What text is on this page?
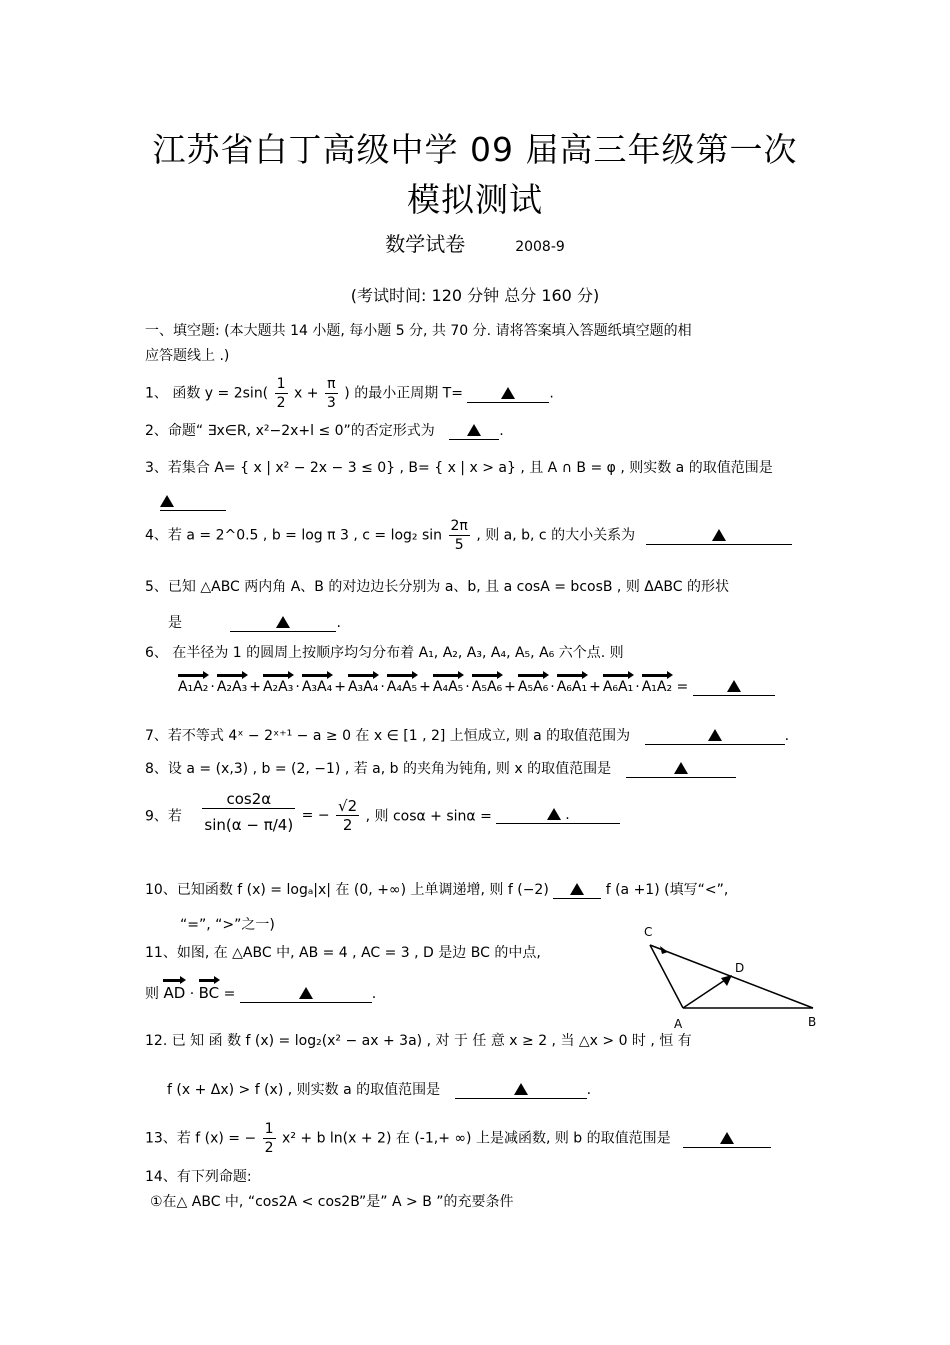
江苏省白丁高级中学 09 届高三年级第一次
模拟测试
数学试卷	2008-9
(考试时间: 120 分钟 总分 160 分)
一、填空题: (本大题共 14 小题, 每小题 5 分, 共 70 分. 请将答案填入答题纸填空题的相
应答题线上 .)
1、 函数 $y = 2\sin( \frac{1}{2}$ $x + \frac{\pi}{3}$ ) 的最小正周期 T=	.
2、命题“ ∃x∈R, x²−2x+l ≤ 0”的否定形式为	.
3、若集合 A= { x | x² − 2x − 3 ≤ 0} , B= { x | x > a} , 且 A ∩ B = φ , 则实数 a 的取值范围是
4、若 a = 2^0.5 , b = log π 3 , c = log₂ $\sin \frac{2\pi}{5}$ , 则 a, b, c 的大小关系为
5、已知 △ABC 两内角 A、B 的对边边长分别为 a、b, 且 a cosA = bcosB , 则 ΔABC 的形状
是	.
6、 在半径为 1 的圆周上按顺序均匀分布着 A₁, A₂, A₃, A₄, A₅, A₆ 六个点. 则
A₁A₂ · A₂A₃ + A₂A₃ · A₃A₄ + A₃A₄ · A₄A₅ + A₄A₅ · A₅A₆ + A₅A₆ · A₆A₁ + A₆A₁ · A₁A₂ =
7、若不等式 4ˣ − 2ˣ⁺¹ − a ≥ 0 在 x ∈ [1 , 2] 上恒成立, 则 a 的取值范围为	.
8、设 a = (x,3) , b = (2, −1) , 若 a, b 的夹角为钝角, 则 x 的取值范围是
9、若 $\frac{\cos 2\alpha}{\sin(\alpha - \pi/4)}$ = − $\frac{√2}{2}$ , 则 cosα + sinα =	.
10、已知函数 f (x) = logₐ|x| 在 (0, +∞) 上单调递增, 则 f (−2)	f (a +1) (填写“<”,
“=”, “>”之一)
11、如图, 在 △ABC 中, AB = 4 , AC = 3 , D 是边 BC 的中点,
则 AD · BC =	.
C
D
A	B
12. 已 知 函 数 f (x) = log₂(x² − ax + 3a) , 对 于 任 意 x ≥ 2 , 当 △x > 0 时 , 恒 有
f (x + Δx) > f (x) , 则实数 a 的取值范围是	.
13、若 f (x) = − $\frac{1}{2} x^2 + b$ ln(x + 2) 在 (-1,+ ∞) 上是减函数, 则 b 的取值范围是
14、有下列命题:
①在△ ABC 中, “cos2A < cos2B”是” A > B ”的充要条件
